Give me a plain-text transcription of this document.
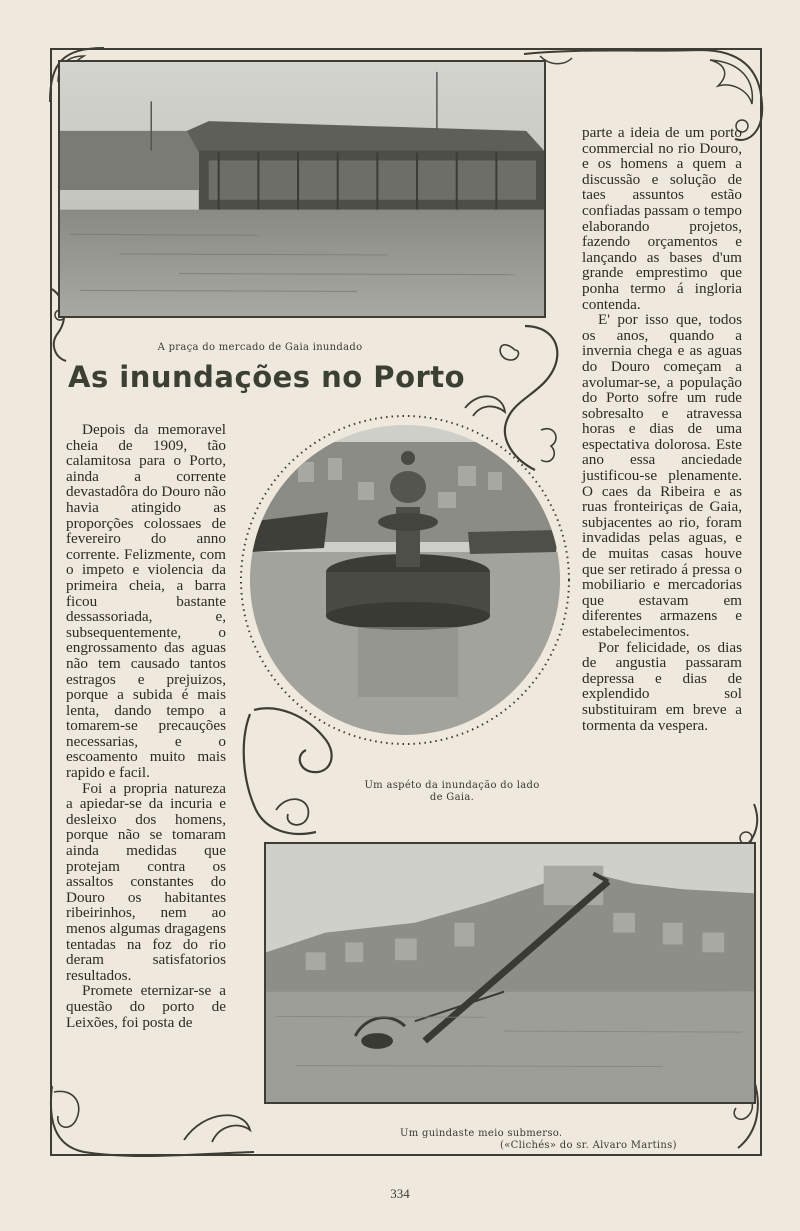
A praça do mercado de Gaia inundado
As inundações no Porto
Um aspéto da inundação do lado
de Gaia.
Um guindaste meio submerso.
(«Clichés» do sr. Alvaro Martins)

Depois da memoravel cheia de 1909, tão calamitosa para o Porto, ainda a corrente devastadôra do Douro não havia atingido as proporções colossaes de fevereiro do anno corrente. Felizmente, com o impeto e violencia da primeira cheia, a barra ficou bastante dessassoriada, e, subsequentemente, o engrossamento das aguas não tem causado tantos estragos e prejuizos, porque a subida é mais lenta, dando tempo a tomarem-se precauções necessarias, e o escoamento muito mais rapido e facil.

Foi a propria natureza a apiedar-se da incuria e desleixo dos homens, porque não se tomaram ainda medidas que protejam contra os assaltos constantes do Douro os habitantes ribeirinhos, nem ao menos algumas dragagens tentadas na foz do rio deram satisfatorios resultados.

Promete eternizar-se a questão do porto de Leixões, foi posta de

parte a ideia de um porto commercial no rio Douro, e os homens a quem a discussão e solução de taes assuntos estão confiadas passam o tempo elaborando projetos, fazendo orçamentos e lançando as bases d'um grande emprestimo que ponha termo á ingloria contenda.

E' por isso que, todos os anos, quando a invernia chega e as aguas do Douro começam a avolumar-se, a população do Porto sofre um rude sobresalto e atravessa horas e dias de uma espectativa dolorosa. Este ano essa anciedade justificou-se plenamente. O caes da Ribeira e as ruas fronteiriças de Gaia, subjacentes ao rio, foram invadidas pelas aguas, e de muitas casas houve que ser retirado á pressa o mobiliario e mercadorias que estavam em diferentes armazens e estabelecimentos.

Por felicidade, os dias de angustia passaram depressa e dias de explendido sol substituiram em breve a tormenta da vespera.

334
